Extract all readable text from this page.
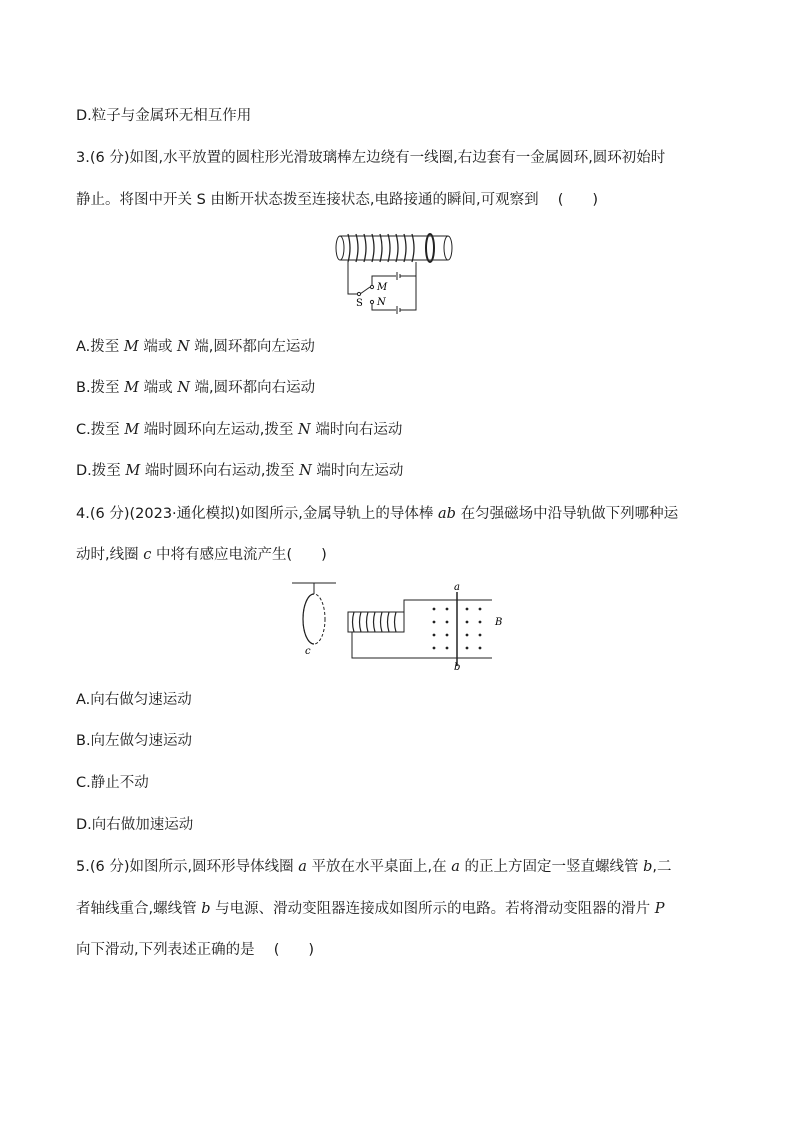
D.粒子与金属环无相互作用
3.(6 分)如图,水平放置的圆柱形光滑玻璃棒左边绕有一线圈,右边套有一金属圆环,圆环初始时
静止。将图中开关 S 由断开状态拨至连接状态,电路接通的瞬间,可观察到　 (　　)
M
N
S
A.拨至 M 端或 N 端,圆环都向左运动
B.拨至 M 端或 N 端,圆环都向右运动
C.拨至 M 端时圆环向左运动,拨至 N 端时向右运动
D.拨至 M 端时圆环向右运动,拨至 N 端时向左运动
4.(6 分)(2023·通化模拟)如图所示,金属导轨上的导体棒 ab 在匀强磁场中沿导轨做下列哪种运
动时,线圈 c 中将有感应电流产生(　　)
c
a
b
B
A.向右做匀速运动
B.向左做匀速运动
C.静止不动
D.向右做加速运动
5.(6 分)如图所示,圆环形导体线圈 a 平放在水平桌面上,在 a 的正上方固定一竖直螺线管 b,二
者轴线重合,螺线管 b 与电源、滑动变阻器连接成如图所示的电路。若将滑动变阻器的滑片 P
向下滑动,下列表述正确的是　 (　　)
